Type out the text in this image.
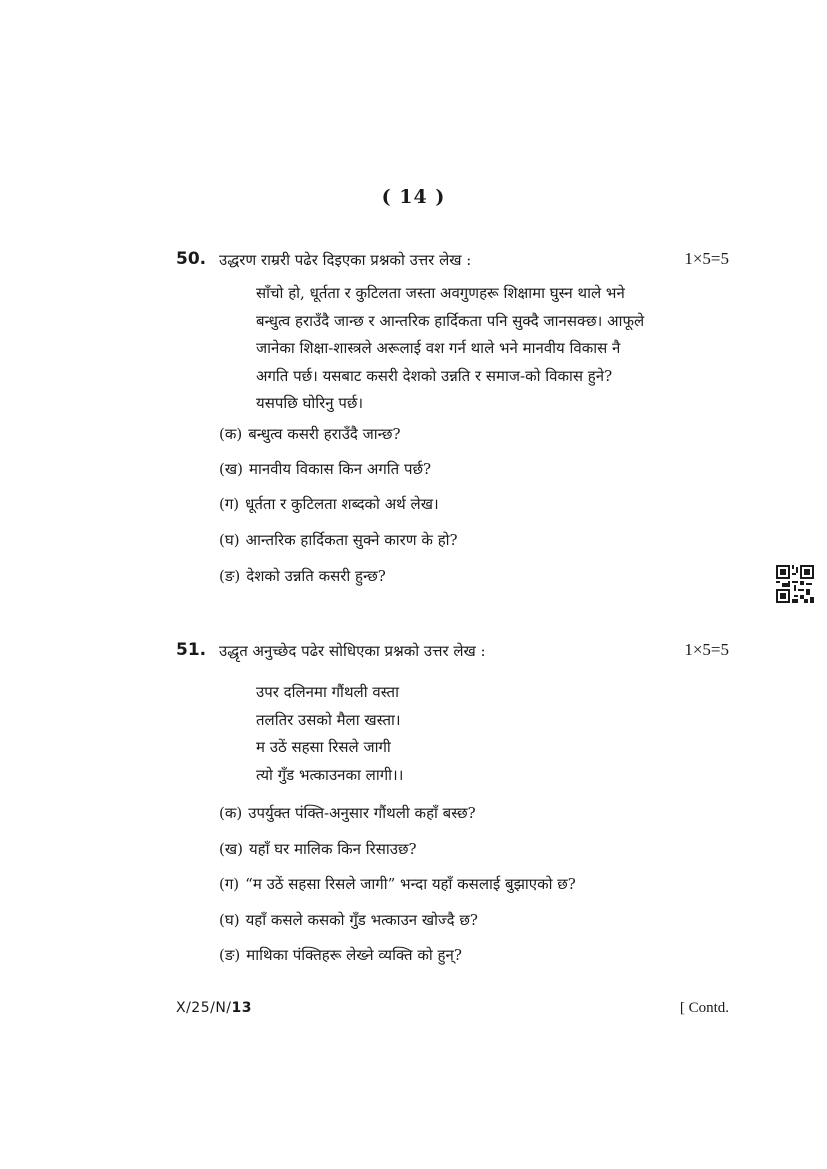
( 14 )
50. उद्धरण राम्ररी पढेर दिइएका प्रश्नको उत्तर लेख :	1×5=5
साँचो हो, धूर्तता र कुटिलता जस्ता अवगुणहरू शिक्षामा घुस्न थाले भने
बन्धुत्व हराउँदै जान्छ र आन्तरिक हार्दिकता पनि सुक्दै जानसक्छ। आफूले
जानेका शिक्षा-शास्त्रले अरूलाई वश गर्न थाले भने मानवीय विकास नै
अगति पर्छ। यसबाट कसरी देशको उन्नति र समाज-को विकास हुने?
यसपछि घोरिनु पर्छ।
(क) बन्धुत्व कसरी हराउँदै जान्छ?
(ख) मानवीय विकास किन अगति पर्छ?
(ग) धूर्तता र कुटिलता शब्दको अर्थ लेख।
(घ) आन्तरिक हार्दिकता सुक्ने कारण के हो?
(ङ) देशको उन्नति कसरी हुन्छ?
51. उद्धृत अनुच्छेद पढेर सोधिएका प्रश्नको उत्तर लेख :	1×5=5
उपर दलिनमा गौंथली वस्ता
तलतिर उसको मैला खस्ता।
म उठें सहसा रिसले जागी
त्यो गुँड भत्काउनका लागी।।
(क) उपर्युक्त पंक्ति-अनुसार गौंथली कहाँ बस्छ?
(ख) यहाँ घर मालिक किन रिसाउछ?
(ग) “म उठें सहसा रिसले जागी” भन्दा यहाँ कसलाई बुझाएको छ?
(घ) यहाँ कसले कसको गुँड भत्काउन खोज्दै छ?
(ङ) माथिका पंक्तिहरू लेख्ने व्यक्ति को हुन्?
X/25/N/13	[ Contd.
